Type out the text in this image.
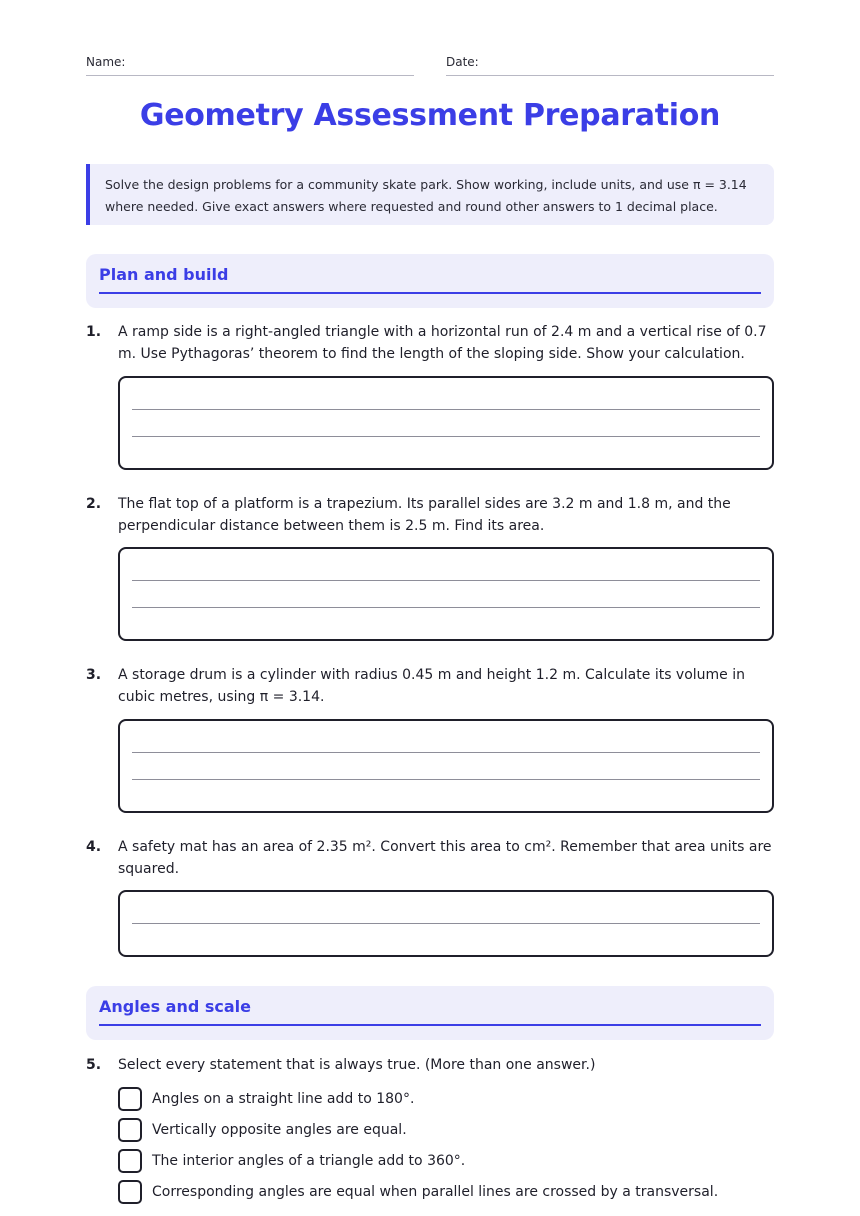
Name:	Date:
Geometry Assessment Preparation
Solve the design problems for a community skate park. Show working, include units, and use π = 3.14 where needed. Give exact answers where requested and round other answers to 1 decimal place.
Plan and build
1. A ramp side is a right-angled triangle with a horizontal run of 2.4 m and a vertical rise of 0.7 m. Use Pythagoras’ theorem to find the length of the sloping side. Show your calculation.
2. The flat top of a platform is a trapezium. Its parallel sides are 3.2 m and 1.8 m, and the perpendicular distance between them is 2.5 m. Find its area.
3. A storage drum is a cylinder with radius 0.45 m and height 1.2 m. Calculate its volume in cubic metres, using π = 3.14.
4. A safety mat has an area of 2.35 m². Convert this area to cm². Remember that area units are squared.
Angles and scale
5. Select every statement that is always true. (More than one answer.)
Angles on a straight line add to 180°.
Vertically opposite angles are equal.
The interior angles of a triangle add to 360°.
Corresponding angles are equal when parallel lines are crossed by a transversal.
